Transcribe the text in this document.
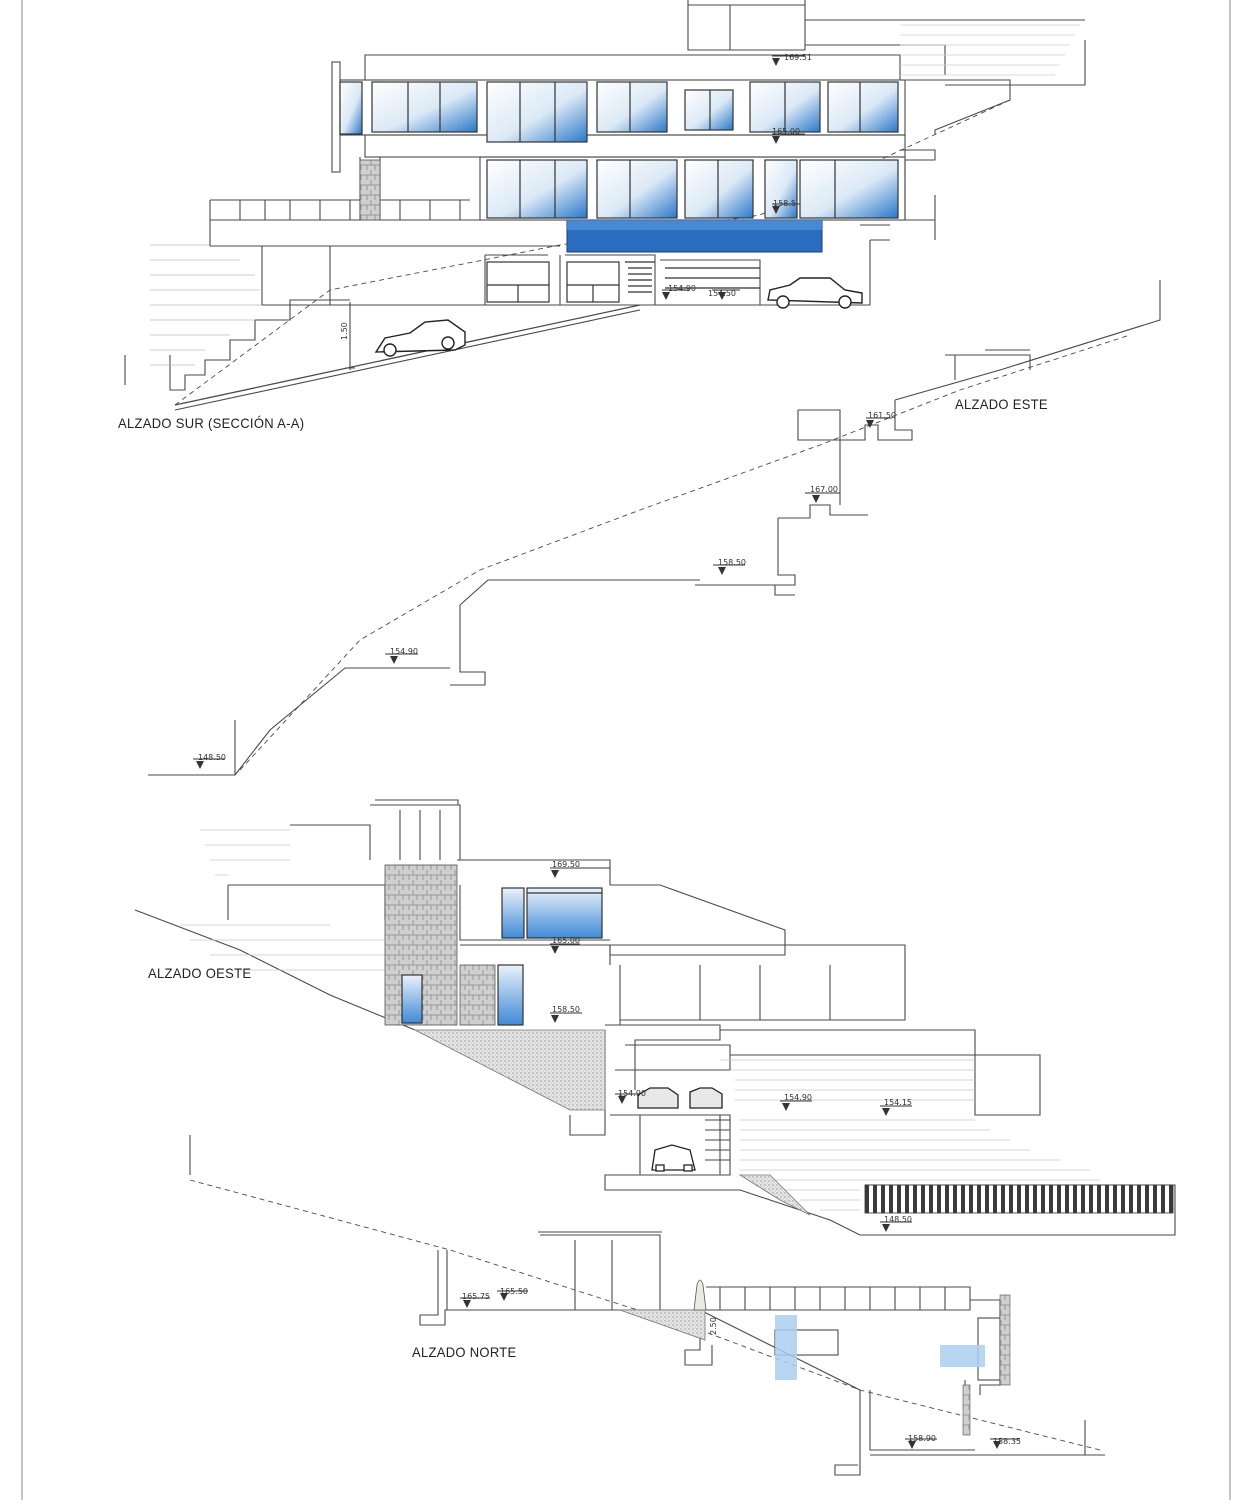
169.51
165.00
158.5
154.90
154.50
1.50
161.50
167.00
158.50
154.90
148.50
169.50
165.00
158.50
154.90	154.90
154.15
148.50
165.75
165.50
158.90	158.35
2.50
ALZADO SUR (SECCIÓN A-A)
ALZADO ESTE
ALZADO OESTE
ALZADO NORTE
